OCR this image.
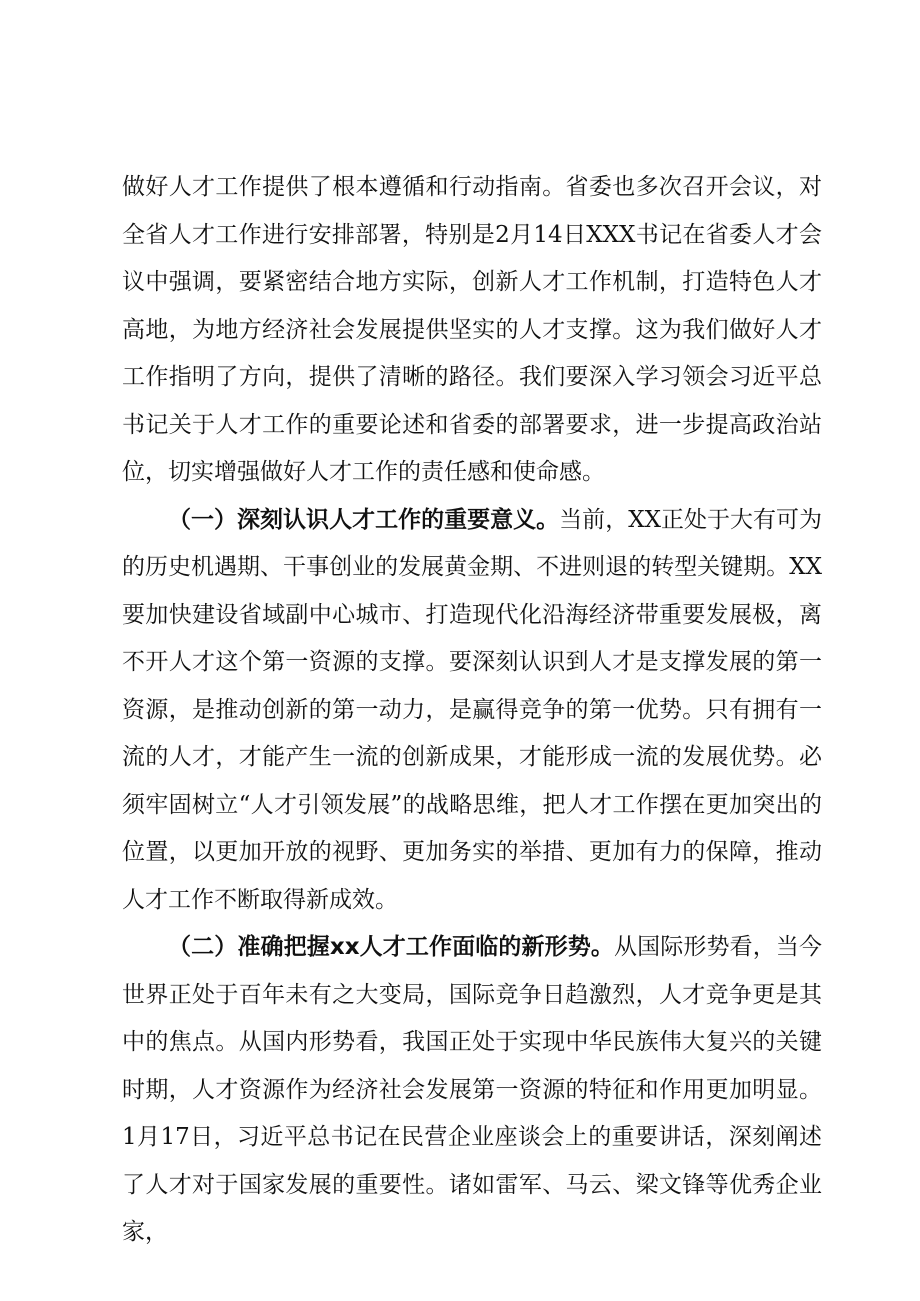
做好人才工作提供了根本遵循和行动指南。省委也多次召开会议，对全省人才工作进行安排部署，特别是2月14日XXX书记在省委人才会议中强调，要紧密结合地方实际，创新人才工作机制，打造特色人才高地，为地方经济社会发展提供坚实的人才支撑。这为我们做好人才工作指明了方向，提供了清晰的路径。我们要深入学习领会习近平总书记关于人才工作的重要论述和省委的部署要求，进一步提高政治站位，切实增强做好人才工作的责任感和使命感。

（一）深刻认识人才工作的重要意义。当前，XX正处于大有可为的历史机遇期、干事创业的发展黄金期、不进则退的转型关键期。XX要加快建设省域副中心城市、打造现代化沿海经济带重要发展极，离不开人才这个第一资源的支撑。要深刻认识到人才是支撑发展的第一资源，是推动创新的第一动力，是赢得竞争的第一优势。只有拥有一流的人才，才能产生一流的创新成果，才能形成一流的发展优势。必须牢固树立“人才引领发展”的战略思维，把人才工作摆在更加突出的位置，以更加开放的视野、更加务实的举措、更加有力的保障，推动人才工作不断取得新成效。

（二）准确把握xx人才工作面临的新形势。从国际形势看，当今世界正处于百年未有之大变局，国际竞争日趋激烈，人才竞争更是其中的焦点。从国内形势看，我国正处于实现中华民族伟大复兴的关键时期，人才资源作为经济社会发展第一资源的特征和作用更加明显。1月17日，习近平总书记在民营企业座谈会上的重要讲话，深刻阐述了人才对于国家发展的重要性。诸如雷军、马云、梁文锋等优秀企业家，
